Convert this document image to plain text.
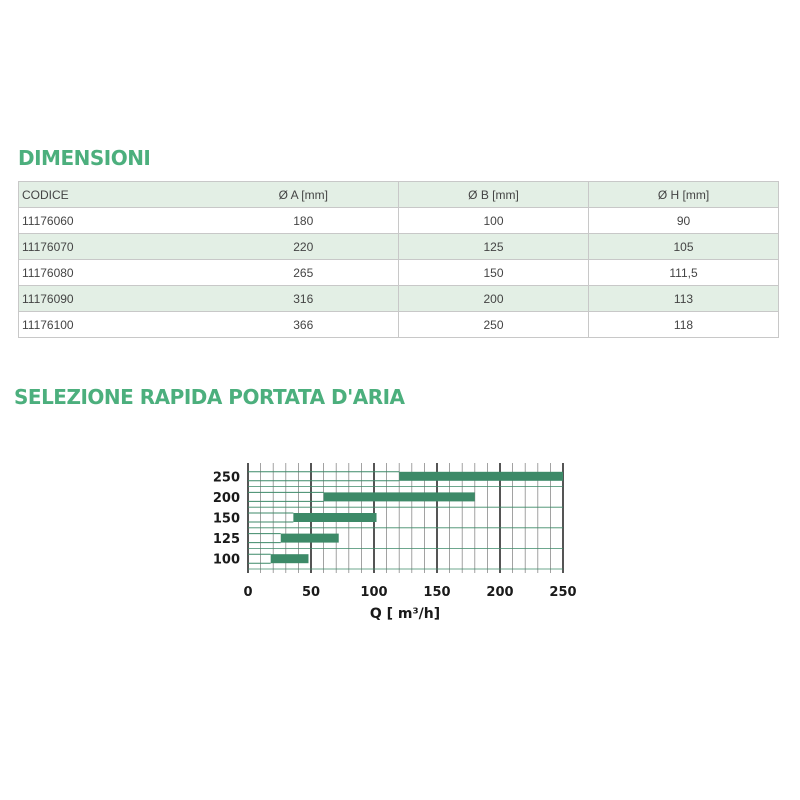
DIMENSIONI
CODICE	Ø A [mm]	Ø B [mm]	Ø H [mm]
11176060	180	100	90
11176070	220	125	105
11176080	265	150	111,5
11176090	316	200	113
11176100	366	250	118
SELEZIONE RAPIDA PORTATA D'ARIA
250
200
150
125
100
0	50	100	150	200	250
Q [ m³/h]
